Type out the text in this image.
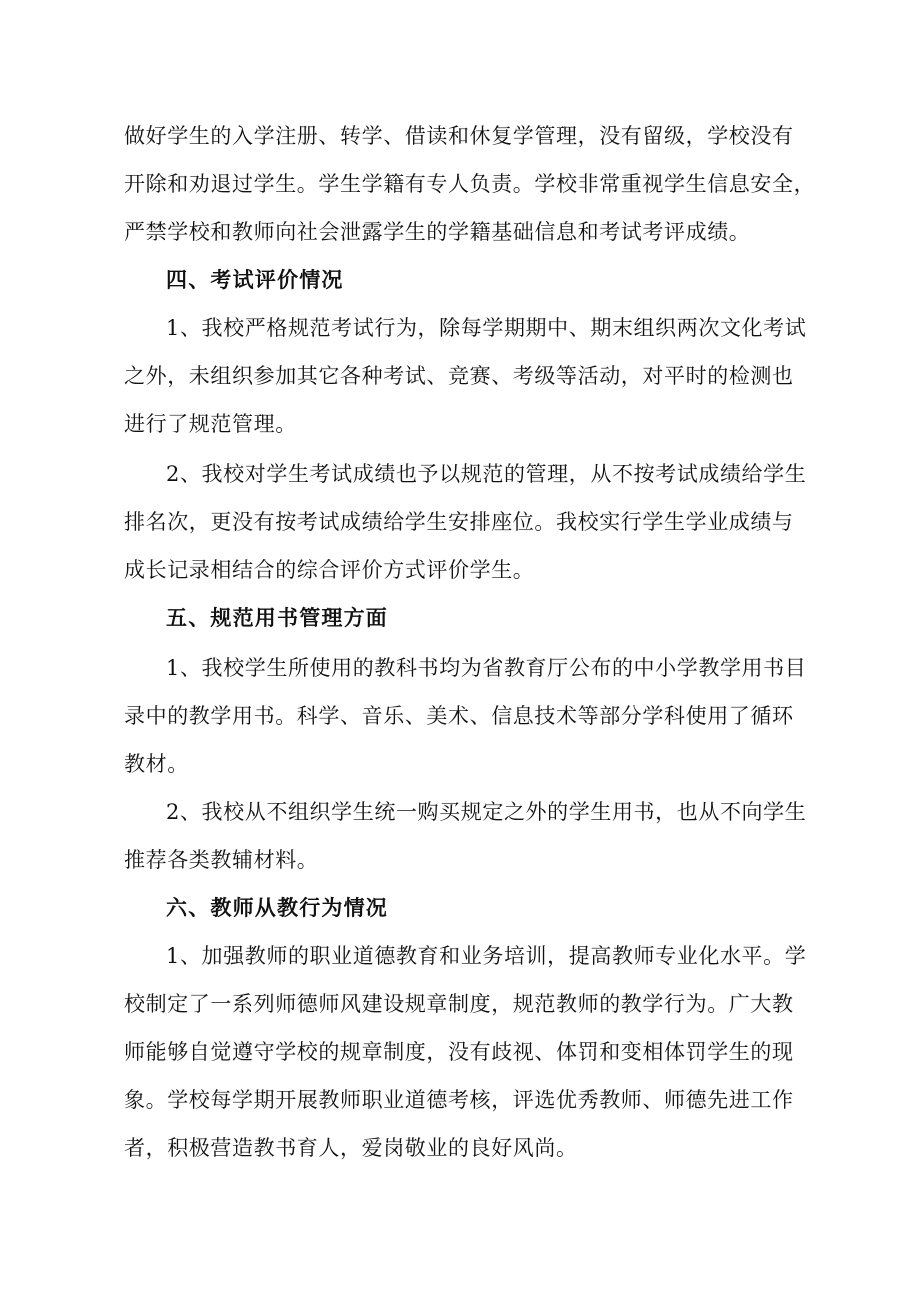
做好学生的入学注册、转学、借读和休复学管理，没有留级，学校没有
开除和劝退过学生。学生学籍有专人负责。学校非常重视学生信息安全，
严禁学校和教师向社会泄露学生的学籍基础信息和考试考评成绩。
四、考试评价情况
1、我校严格规范考试行为，除每学期期中、期末组织两次文化考试
之外，未组织参加其它各种考试、竞赛、考级等活动，对平时的检测也
进行了规范管理。
2、我校对学生考试成绩也予以规范的管理，从不按考试成绩给学生
排名次，更没有按考试成绩给学生安排座位。我校实行学生学业成绩与
成长记录相结合的综合评价方式评价学生。
五、规范用书管理方面
1、我校学生所使用的教科书均为省教育厅公布的中小学教学用书目
录中的教学用书。科学、音乐、美术、信息技术等部分学科使用了循环
教材。
2、我校从不组织学生统一购买规定之外的学生用书，也从不向学生
推荐各类教辅材料。
六、教师从教行为情况
1、加强教师的职业道德教育和业务培训，提高教师专业化水平。学
校制定了一系列师德师风建设规章制度，规范教师的教学行为。广大教
师能够自觉遵守学校的规章制度，没有歧视、体罚和变相体罚学生的现
象。学校每学期开展教师职业道德考核，评选优秀教师、师德先进工作
者，积极营造教书育人，爱岗敬业的良好风尚。
